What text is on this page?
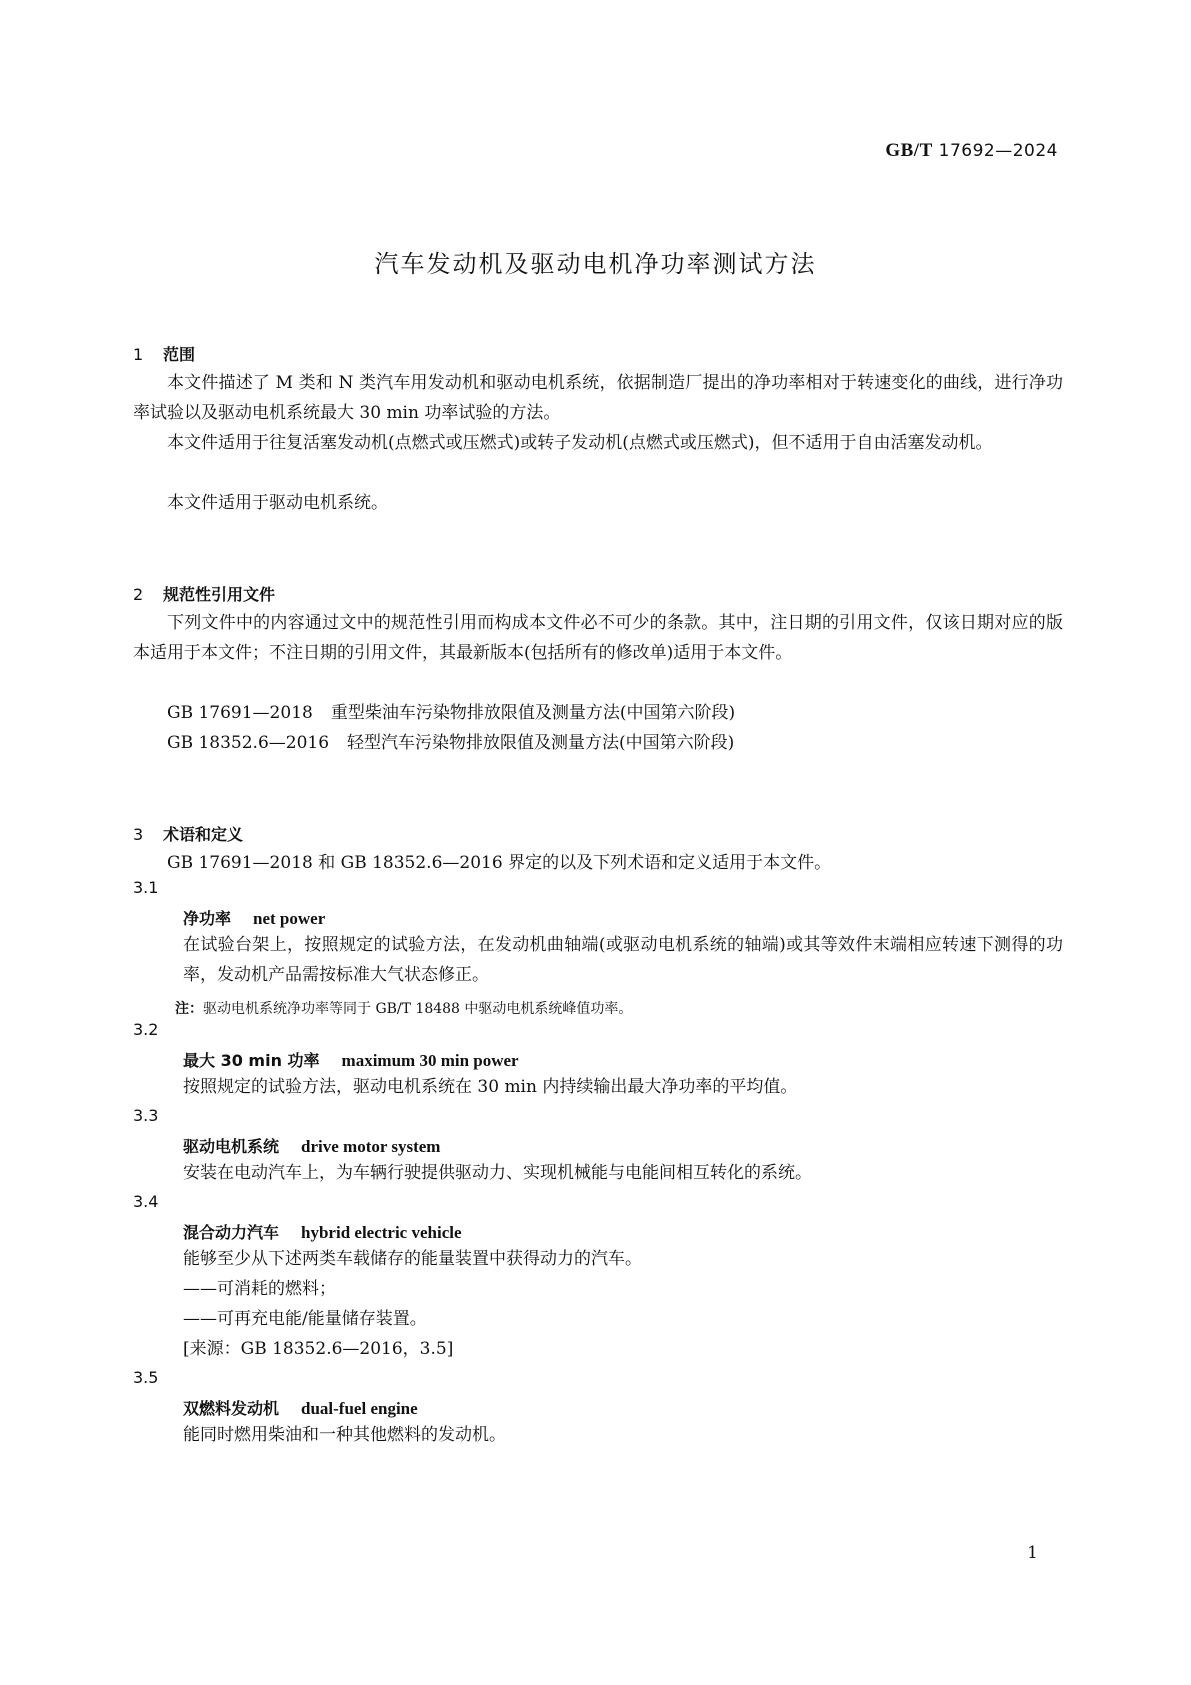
GB/T 17692—2024
汽车发动机及驱动电机净功率测试方法
1 范围
本文件描述了 M 类和 N 类汽车用发动机和驱动电机系统，依据制造厂提出的净功率相对于转速变化的曲线，进行净功率试验以及驱动电机系统最大 30 min 功率试验的方法。
本文件适用于往复活塞发动机(点燃式或压燃式)或转子发动机(点燃式或压燃式)，但不适用于自由活塞发动机。
本文件适用于驱动电机系统。
2 规范性引用文件
下列文件中的内容通过文中的规范性引用而构成本文件必不可少的条款。其中，注日期的引用文件，仅该日期对应的版本适用于本文件；不注日期的引用文件，其最新版本(包括所有的修改单)适用于本文件。
GB 17691—2018 重型柴油车污染物排放限值及测量方法(中国第六阶段)
GB 18352.6—2016 轻型汽车污染物排放限值及测量方法(中国第六阶段)
3 术语和定义
GB 17691—2018 和 GB 18352.6—2016 界定的以及下列术语和定义适用于本文件。
3.1
净功率 net power
在试验台架上，按照规定的试验方法，在发动机曲轴端(或驱动电机系统的轴端)或其等效件末端相应转速下测得的功率，发动机产品需按标准大气状态修正。
注：驱动电机系统净功率等同于 GB/T 18488 中驱动电机系统峰值功率。
3.2
最大 30 min 功率 maximum 30 min power
按照规定的试验方法，驱动电机系统在 30 min 内持续输出最大净功率的平均值。
3.3
驱动电机系统 drive motor system
安装在电动汽车上，为车辆行驶提供驱动力、实现机械能与电能间相互转化的系统。
3.4
混合动力汽车 hybrid electric vehicle
能够至少从下述两类车载储存的能量装置中获得动力的汽车。
——可消耗的燃料；
——可再充电能/能量储存装置。
[来源：GB 18352.6—2016，3.5]
3.5
双燃料发动机 dual-fuel engine
能同时燃用柴油和一种其他燃料的发动机。
1
